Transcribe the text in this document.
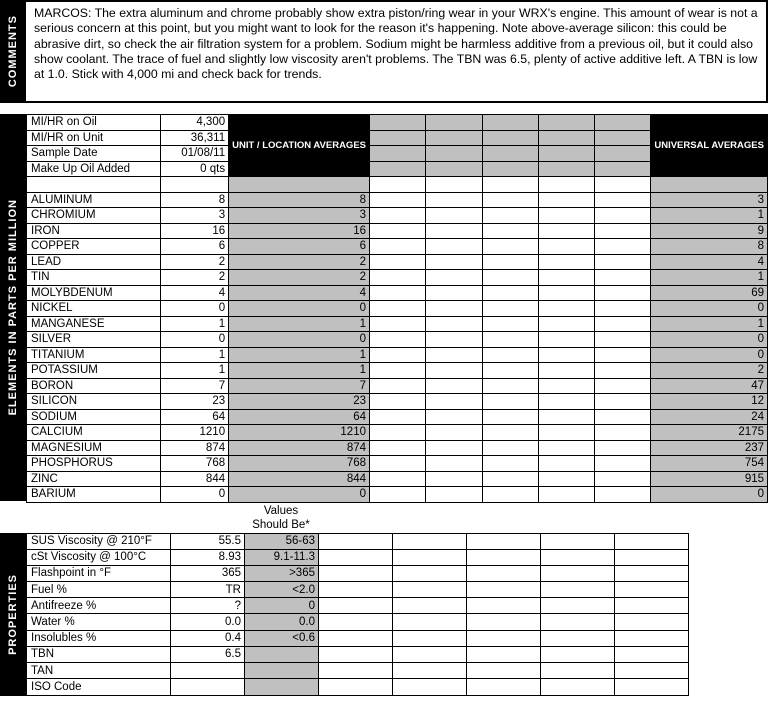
COMMENTS
MARCOS: The extra aluminum and chrome probably show extra piston/ring wear in your WRX's engine. This amount of wear is not a serious concern at this point, but you might want to look for the reason it's happening. Note above-average silicon: this could be abrasive dirt, so check the air filtration system for a problem. Sodium might be harmless additive from a previous oil, but it could also show coolant. The trace of fuel and slightly low viscosity aren't problems. The TBN was 6.5, plenty of active additive left. A TBN is low at 1.0. Stick with 4,000 mi and check back for trends.
ELEMENTS IN PARTS PER MILLION
MI/HR on Oil	4,300	UNIT / LOCATION AVERAGES						UNIVERSAL AVERAGES
MI/HR on Unit	36,311							
Sample Date	01/08/11							
Make Up Oil Added	0 qts							

ALUMINUM	8	8						3
CHROMIUM	3	3						1
IRON	16	16						9
COPPER	6	6						8
LEAD	2	2						4
TIN	2	2						1
MOLYBDENUM	4	4						69
NICKEL	0	0						0
MANGANESE	1	1						1
SILVER	0	0						0
TITANIUM	1	1						0
POTASSIUM	1	1						2
BORON	7	7						47
SILICON	23	23						12
SODIUM	64	64						24
CALCIUM	1210	1210						2175
MAGNESIUM	874	874						237
PHOSPHORUS	768	768						754
ZINC	844	844						915
BARIUM	0	0						0
Values
Should Be*
PROPERTIES
SUS Viscosity @ 210°F	55.5	56-63					
cSt Viscosity @ 100°C	8.93	9.1-11.3					
Flashpoint in °F	365	>365					
Fuel %	TR	<2.0					
Antifreeze %	?	0					
Water %	0.0	0.0					
Insolubles %	0.4	<0.6					
TBN	6.5						
TAN							
ISO Code							
